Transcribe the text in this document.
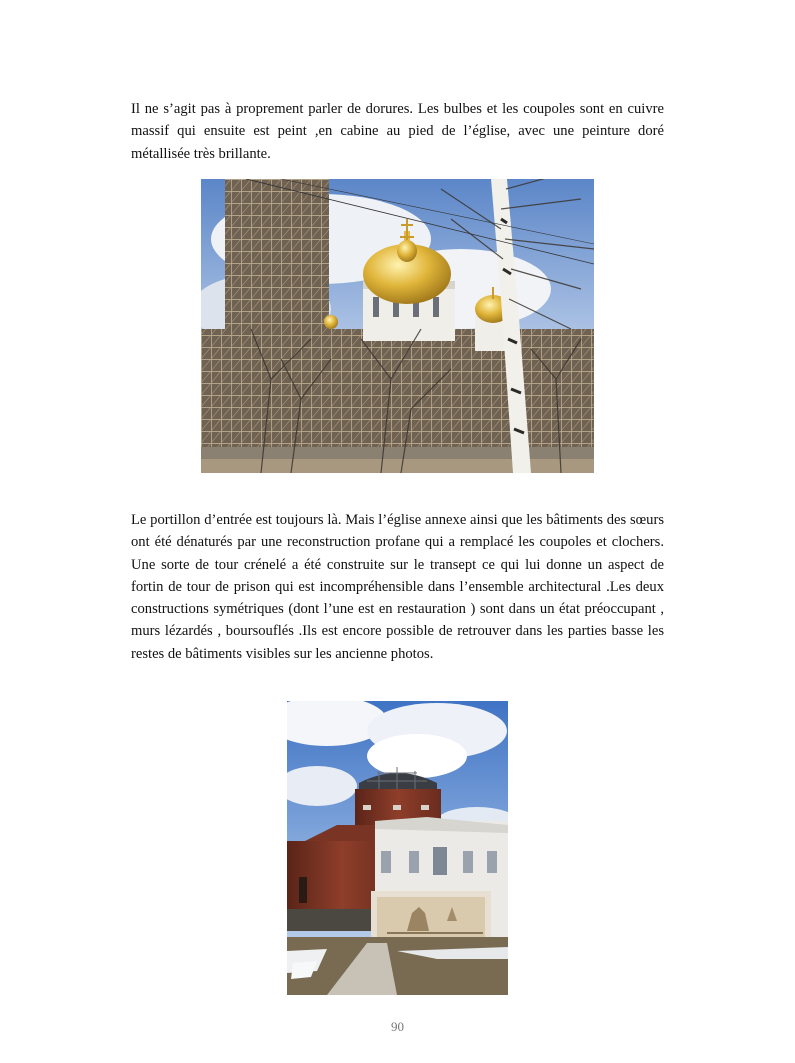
Il ne s’agit pas à proprement parler de dorures. Les bulbes et les coupoles sont en cuivre massif qui ensuite est peint ,en cabine au pied de l’église, avec une peinture doré métallisée très brillante.

Le portillon d’entrée est toujours là. Mais l’église annexe ainsi que les bâtiments des sœurs ont été dénaturés par une reconstruction profane qui a remplacé les coupoles et clochers. Une sorte de tour crénelé a été construite sur le transept ce qui lui donne un aspect de fortin de tour de prison qui est incompréhensible dans l’ensemble architectural .Les deux constructions symétriques (dont l’une est en restauration ) sont dans un état préoccupant , murs lézardés , boursouflés .Ils est encore possible de retrouver dans les parties basse les restes de bâtiments visibles sur les ancienne photos.

90
